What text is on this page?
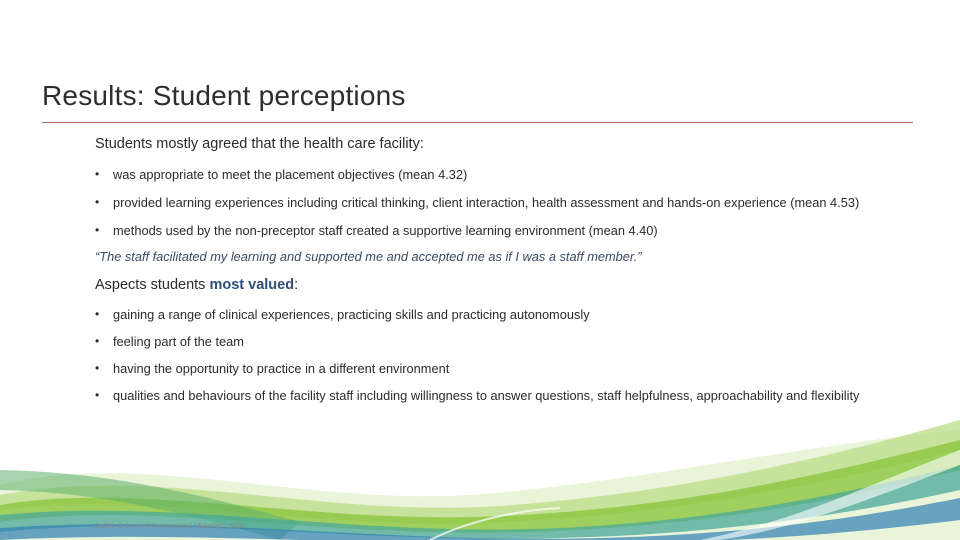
Results: Student perceptions

Students mostly agreed that the health care facility:

• was appropriate to meet the placement objectives (mean 4.32)
• provided learning experiences including critical thinking, client interaction, health assessment and hands-on experience (mean 4.53)
• methods used by the non-preceptor staff created a supportive learning environment (mean 4.40)

“The staff facilitated my learning and supported me and accepted me as if I was a staff member.”

Aspects students most valued:

• gaining a range of clinical experiences, practicing skills and practicing autonomously
• feeling part of the team
• having the opportunity to practice in a different environment
• qualities and behaviours of the facility staff including willingness to answer questions, staff helpfulness, approachability and flexibility
Griffith School of Nursing and Midwifery 2016
